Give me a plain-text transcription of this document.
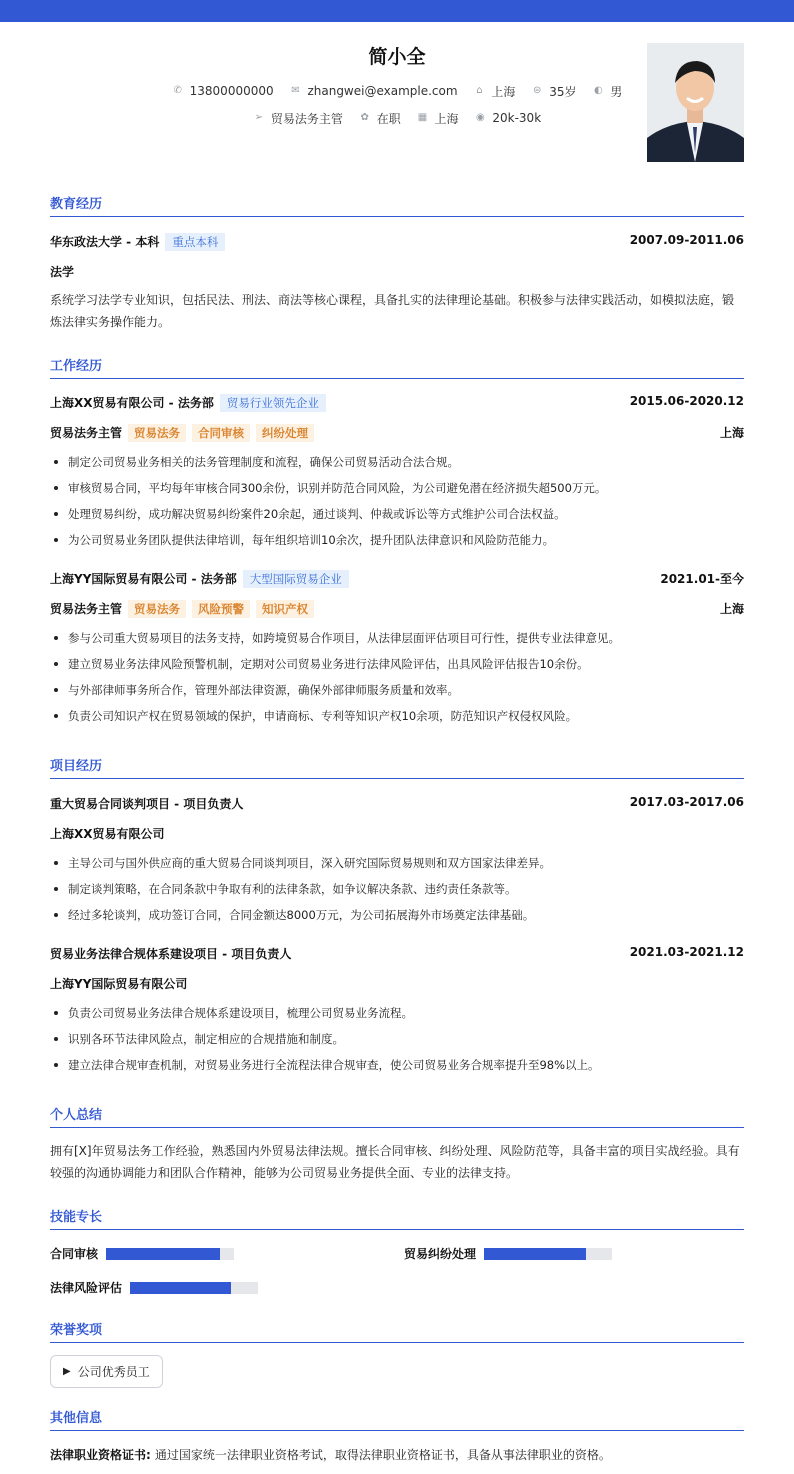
简小全
✆ 13800000000
✉ zhangwei@example.com
⌂ 上海
⊜ 35岁
◐ 男
➢ 贸易法务主管
✿ 在职
▦ 上海
◉ 20k-30k
教育经历
华东政法大学 - 本科 重点本科	2007.09-2011.06
法学
系统学习法学专业知识，包括民法、刑法、商法等核心课程，具备扎实的法律理论基础。积极参与法律实践活动，如模拟法庭，锻炼法律实务操作能力。
工作经历
上海XX贸易有限公司 - 法务部 贸易行业领先企业	2015.06-2020.12
贸易法务主管 贸易法务 合同审核 纠纷处理	上海
制定公司贸易业务相关的法务管理制度和流程，确保公司贸易活动合法合规。
审核贸易合同，平均每年审核合同300余份，识别并防范合同风险，为公司避免潜在经济损失超500万元。
处理贸易纠纷，成功解决贸易纠纷案件20余起，通过谈判、仲裁或诉讼等方式维护公司合法权益。
为公司贸易业务团队提供法律培训，每年组织培训10余次，提升团队法律意识和风险防范能力。
上海YY国际贸易有限公司 - 法务部 大型国际贸易企业	2021.01-至今
贸易法务主管 贸易法务 风险预警 知识产权	上海
参与公司重大贸易项目的法务支持，如跨境贸易合作项目，从法律层面评估项目可行性，提供专业法律意见。
建立贸易业务法律风险预警机制，定期对公司贸易业务进行法律风险评估，出具风险评估报告10余份。
与外部律师事务所合作，管理外部法律资源，确保外部律师服务质量和效率。
负责公司知识产权在贸易领域的保护，申请商标、专利等知识产权10余项，防范知识产权侵权风险。
项目经历
重大贸易合同谈判项目 - 项目负责人	2017.03-2017.06
上海XX贸易有限公司
主导公司与国外供应商的重大贸易合同谈判项目，深入研究国际贸易规则和双方国家法律差异。
制定谈判策略，在合同条款中争取有利的法律条款，如争议解决条款、违约责任条款等。
经过多轮谈判，成功签订合同，合同金额达8000万元，为公司拓展海外市场奠定法律基础。
贸易业务法律合规体系建设项目 - 项目负责人	2021.03-2021.12
上海YY国际贸易有限公司
负责公司贸易业务法律合规体系建设项目，梳理公司贸易业务流程。
识别各环节法律风险点，制定相应的合规措施和制度。
建立法律合规审查机制，对贸易业务进行全流程法律合规审查，使公司贸易业务合规率提升至98%以上。
个人总结
拥有[X]年贸易法务工作经验，熟悉国内外贸易法律法规。擅长合同审核、纠纷处理、风险防范等，具备丰富的项目实战经验。具有较强的沟通协调能力和团队合作精神，能够为公司贸易业务提供全面、专业的法律支持。
技能专长
合同审核	贸易纠纷处理
法律风险评估
荣誉奖项
▶ 公司优秀员工
其他信息
法律职业资格证书: 通过国家统一法律职业资格考试，取得法律职业资格证书，具备从事法律职业的资格。
